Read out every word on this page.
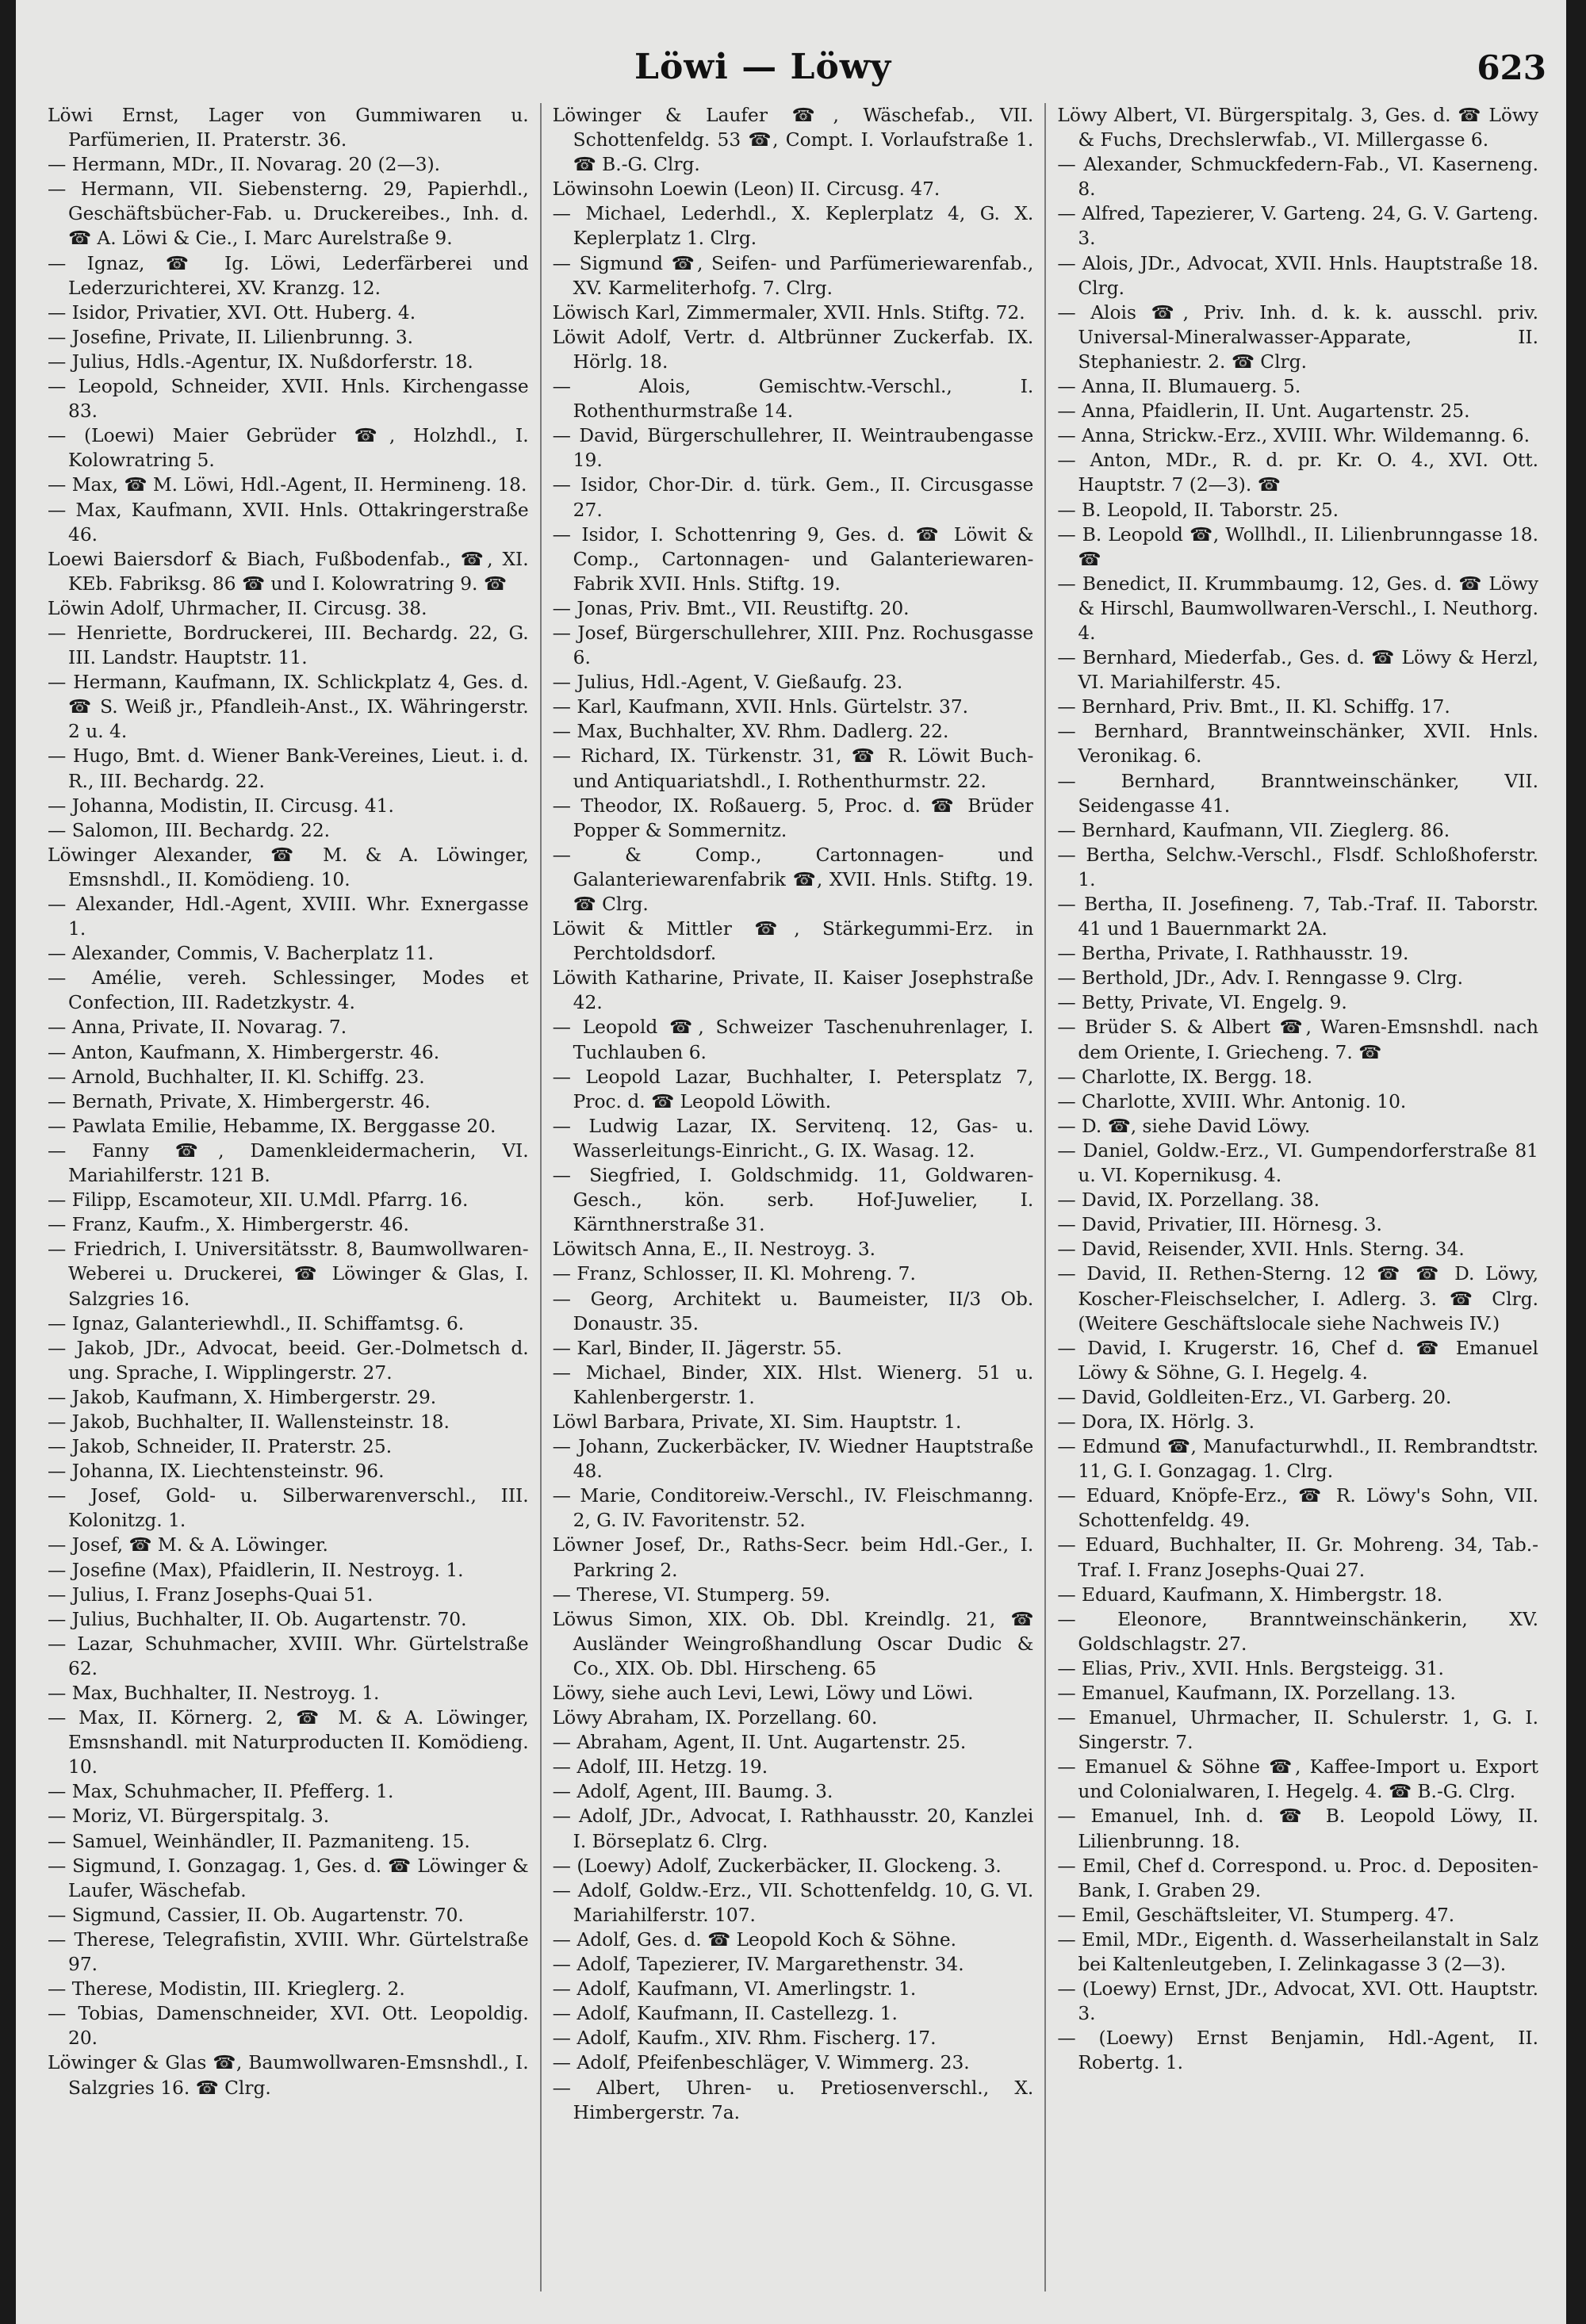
Löwi — Löwy	623

Löwi Ernst, Lager von Gummiwaren u. Parfümerien, II. Praterstr. 36.

— Hermann, MDr., II. Novarag. 20 (2—3).

— Hermann, VII. Siebensterng. 29, Papierhdl., Geschäftsbücher-Fab. u. Druckereibes., Inh. d. ☎ A. Löwi & Cie., I. Marc Aurelstraße 9.

— Ignaz, ☎ Ig. Löwi, Lederfärberei und Lederzurichterei, XV. Kranzg. 12.

— Isidor, Privatier, XVI. Ott. Huberg. 4.

— Josefine, Private, II. Lilienbrunng. 3.

— Julius, Hdls.-Agentur, IX. Nußdorferstr. 18.

— Leopold, Schneider, XVII. Hnls. Kirchengasse 83.

— (Loewi) Maier Gebrüder ☎, Holzhdl., I. Kolowratring 5.

— Max, ☎ M. Löwi, Hdl.-Agent, II. Hermineng. 18.

— Max, Kaufmann, XVII. Hnls. Ottakringerstraße 46.

Loewi Baiersdorf & Biach, Fußbodenfab., ☎, XI. KEb. Fabriksg. 86 ☎ und I. Kolowratring 9. ☎

Löwin Adolf, Uhrmacher, II. Circusg. 38.

— Henriette, Bordruckerei, III. Bechardg. 22, G. III. Landstr. Hauptstr. 11.

— Hermann, Kaufmann, IX. Schlickplatz 4, Ges. d. ☎ S. Weiß jr., Pfandleih-Anst., IX. Währingerstr. 2 u. 4.

— Hugo, Bmt. d. Wiener Bank-Vereines, Lieut. i. d. R., III. Bechardg. 22.

— Johanna, Modistin, II. Circusg. 41.

— Salomon, III. Bechardg. 22.

Löwinger Alexander, ☎ M. & A. Löwinger, Emsnshdl., II. Komödieng. 10.

— Alexander, Hdl.-Agent, XVIII. Whr. Exnergasse 1.

— Alexander, Commis, V. Bacherplatz 11.

— Amélie, vereh. Schlessinger, Modes et Confection, III. Radetzkystr. 4.

— Anna, Private, II. Novarag. 7.

— Anton, Kaufmann, X. Himbergerstr. 46.

— Arnold, Buchhalter, II. Kl. Schiffg. 23.

— Bernath, Private, X. Himbergerstr. 46.

— Pawlata Emilie, Hebamme, IX. Berggasse 20.

— Fanny ☎, Damenkleidermacherin, VI. Mariahilferstr. 121 B.

— Filipp, Escamoteur, XII. U.Mdl. Pfarrg. 16.

— Franz, Kaufm., X. Himbergerstr. 46.

— Friedrich, I. Universitätsstr. 8, Baumwollwaren-Weberei u. Druckerei, ☎ Löwinger & Glas, I. Salzgries 16.

— Ignaz, Galanteriewhdl., II. Schiffamtsg. 6.

— Jakob, JDr., Advocat, beeid. Ger.-Dolmetsch d. ung. Sprache, I. Wipplingerstr. 27.

— Jakob, Kaufmann, X. Himbergerstr. 29.

— Jakob, Buchhalter, II. Wallensteinstr. 18.

— Jakob, Schneider, II. Praterstr. 25.

— Johanna, IX. Liechtensteinstr. 96.

— Josef, Gold- u. Silberwarenverschl., III. Kolonitzg. 1.

— Josef, ☎ M. & A. Löwinger.

— Josefine (Max), Pfaidlerin, II. Nestroyg. 1.

— Julius, I. Franz Josephs-Quai 51.

— Julius, Buchhalter, II. Ob. Augartenstr. 70.

— Lazar, Schuhmacher, XVIII. Whr. Gürtelstraße 62.

— Max, Buchhalter, II. Nestroyg. 1.

— Max, II. Körnerg. 2, ☎ M. & A. Löwinger, Emsnshandl. mit Naturproducten II. Komödieng. 10.

— Max, Schuhmacher, II. Pfefferg. 1.

— Moriz, VI. Bürgerspitalg. 3.

— Samuel, Weinhändler, II. Pazmaniteng. 15.

— Sigmund, I. Gonzagag. 1, Ges. d. ☎ Löwinger & Laufer, Wäschefab.

— Sigmund, Cassier, II. Ob. Augartenstr. 70.

— Therese, Telegrafistin, XVIII. Whr. Gürtelstraße 97.

— Therese, Modistin, III. Krieglerg. 2.

— Tobias, Damenschneider, XVI. Ott. Leopoldig. 20.

Löwinger & Glas ☎, Baumwollwaren-Emsnshdl., I. Salzgries 16. ☎ Clrg.

Löwinger & Laufer ☎, Wäschefab., VII. Schottenfeldg. 53 ☎, Compt. I. Vorlaufstraße 1. ☎ B.-G. Clrg.

Löwinsohn Loewin (Leon) II. Circusg. 47.

— Michael, Lederhdl., X. Keplerplatz 4, G. X. Keplerplatz 1. Clrg.

— Sigmund ☎, Seifen- und Parfümeriewarenfab., XV. Karmeliterhofg. 7. Clrg.

Löwisch Karl, Zimmermaler, XVII. Hnls. Stiftg. 72.

Löwit Adolf, Vertr. d. Altbrünner Zuckerfab. IX. Hörlg. 18.

— Alois, Gemischtw.-Verschl., I. Rothenthurmstraße 14.

— David, Bürgerschullehrer, II. Weintraubengasse 19.

— Isidor, Chor-Dir. d. türk. Gem., II. Circusgasse 27.

— Isidor, I. Schottenring 9, Ges. d. ☎ Löwit & Comp., Cartonnagen- und Galanteriewaren-Fabrik XVII. Hnls. Stiftg. 19.

— Jonas, Priv. Bmt., VII. Reustiftg. 20.

— Josef, Bürgerschullehrer, XIII. Pnz. Rochusgasse 6.

— Julius, Hdl.-Agent, V. Gießaufg. 23.

— Karl, Kaufmann, XVII. Hnls. Gürtelstr. 37.

— Max, Buchhalter, XV. Rhm. Dadlerg. 22.

— Richard, IX. Türkenstr. 31, ☎ R. Löwit Buch- und Antiquariatshdl., I. Rothenthurmstr. 22.

— Theodor, IX. Roßauerg. 5, Proc. d. ☎ Brüder Popper & Sommernitz.

— & Comp., Cartonnagen- und Galanteriewarenfabrik ☎, XVII. Hnls. Stiftg. 19. ☎ Clrg.

Löwit & Mittler ☎, Stärkegummi-Erz. in Perchtoldsdorf.

Löwith Katharine, Private, II. Kaiser Josephstraße 42.

— Leopold ☎, Schweizer Taschenuhrenlager, I. Tuchlauben 6.

— Leopold Lazar, Buchhalter, I. Petersplatz 7, Proc. d. ☎ Leopold Löwith.

— Ludwig Lazar, IX. Servitenq. 12, Gas- u. Wasserleitungs-Einricht., G. IX. Wasag. 12.

— Siegfried, I. Goldschmidg. 11, Goldwaren-Gesch., kön. serb. Hof-Juwelier, I. Kärnthnerstraße 31.

Löwitsch Anna, E., II. Nestroyg. 3.

— Franz, Schlosser, II. Kl. Mohreng. 7.

— Georg, Architekt u. Baumeister, II/3 Ob. Donaustr. 35.

— Karl, Binder, II. Jägerstr. 55.

— Michael, Binder, XIX. Hlst. Wienerg. 51 u. Kahlenbergerstr. 1.

Löwl Barbara, Private, XI. Sim. Hauptstr. 1.

— Johann, Zuckerbäcker, IV. Wiedner Hauptstraße 48.

— Marie, Conditoreiw.-Verschl., IV. Fleischmanng. 2, G. IV. Favoritenstr. 52.

Löwner Josef, Dr., Raths-Secr. beim Hdl.-Ger., I. Parkring 2.

— Therese, VI. Stumperg. 59.

Löwus Simon, XIX. Ob. Dbl. Kreindlg. 21, ☎ Ausländer Weingroßhandlung Oscar Dudic & Co., XIX. Ob. Dbl. Hirscheng. 65

Löwy, siehe auch Levi, Lewi, Löwy und Löwi.

Löwy Abraham, IX. Porzellang. 60.

— Abraham, Agent, II. Unt. Augartenstr. 25.

— Adolf, III. Hetzg. 19.

— Adolf, Agent, III. Baumg. 3.

— Adolf, JDr., Advocat, I. Rathhausstr. 20, Kanzlei I. Börseplatz 6. Clrg.

— (Loewy) Adolf, Zuckerbäcker, II. Glockeng. 3.

— Adolf, Goldw.-Erz., VII. Schottenfeldg. 10, G. VI. Mariahilferstr. 107.

— Adolf, Ges. d. ☎ Leopold Koch & Söhne.

— Adolf, Tapezierer, IV. Margarethenstr. 34.

— Adolf, Kaufmann, VI. Amerlingstr. 1.

— Adolf, Kaufmann, II. Castellezg. 1.

— Adolf, Kaufm., XIV. Rhm. Fischerg. 17.

— Adolf, Pfeifenbeschläger, V. Wimmerg. 23.

— Albert, Uhren- u. Pretiosenverschl., X. Himbergerstr. 7a.

Löwy Albert, VI. Bürgerspitalg. 3, Ges. d. ☎ Löwy & Fuchs, Drechslerwfab., VI. Millergasse 6.

— Alexander, Schmuckfedern-Fab., VI. Kaserneng. 8.

— Alfred, Tapezierer, V. Garteng. 24, G. V. Garteng. 3.

— Alois, JDr., Advocat, XVII. Hnls. Hauptstraße 18. Clrg.

— Alois ☎, Priv. Inh. d. k. k. ausschl. priv. Universal-Mineralwasser-Apparate, II. Stephaniestr. 2. ☎ Clrg.

— Anna, II. Blumauerg. 5.

— Anna, Pfaidlerin, II. Unt. Augartenstr. 25.

— Anna, Strickw.-Erz., XVIII. Whr. Wildemanng. 6.

— Anton, MDr., R. d. pr. Kr. O. 4., XVI. Ott. Hauptstr. 7 (2—3). ☎

— B. Leopold, II. Taborstr. 25.

— B. Leopold ☎, Wollhdl., II. Lilienbrunngasse 18. ☎

— Benedict, II. Krummbaumg. 12, Ges. d. ☎ Löwy & Hirschl, Baumwollwaren-Verschl., I. Neuthorg. 4.

— Bernhard, Miederfab., Ges. d. ☎ Löwy & Herzl, VI. Mariahilferstr. 45.

— Bernhard, Priv. Bmt., II. Kl. Schiffg. 17.

— Bernhard, Branntweinschänker, XVII. Hnls. Veronikag. 6.

— Bernhard, Branntweinschänker, VII. Seidengasse 41.

— Bernhard, Kaufmann, VII. Zieglerg. 86.

— Bertha, Selchw.-Verschl., Flsdf. Schloßhoferstr. 1.

— Bertha, II. Josefineng. 7, Tab.-Traf. II. Taborstr. 41 und 1 Bauernmarkt 2A.

— Bertha, Private, I. Rathhausstr. 19.

— Berthold, JDr., Adv. I. Renngasse 9. Clrg.

— Betty, Private, VI. Engelg. 9.

— Brüder S. & Albert ☎, Waren-Emsnshdl. nach dem Oriente, I. Griecheng. 7. ☎

— Charlotte, IX. Bergg. 18.

— Charlotte, XVIII. Whr. Antonig. 10.

— D. ☎, siehe David Löwy.

— Daniel, Goldw.-Erz., VI. Gumpendorferstraße 81 u. VI. Kopernikusg. 4.

— David, IX. Porzellang. 38.

— David, Privatier, III. Hörnesg. 3.

— David, Reisender, XVII. Hnls. Sterng. 34.

— David, II. Rethen-Sterng. 12 ☎ ☎ D. Löwy, Koscher-Fleischselcher, I. Adlerg. 3. ☎ Clrg. (Weitere Geschäftslocale siehe Nachweis IV.)

— David, I. Krugerstr. 16, Chef d. ☎ Emanuel Löwy & Söhne, G. I. Hegelg. 4.

— David, Goldleiten-Erz., VI. Garberg. 20.

— Dora, IX. Hörlg. 3.

— Edmund ☎, Manufacturwhdl., II. Rembrandtstr. 11, G. I. Gonzagag. 1. Clrg.

— Eduard, Knöpfe-Erz., ☎ R. Löwy's Sohn, VII. Schottenfeldg. 49.

— Eduard, Buchhalter, II. Gr. Mohreng. 34, Tab.-Traf. I. Franz Josephs-Quai 27.

— Eduard, Kaufmann, X. Himbergstr. 18.

— Eleonore, Branntweinschänkerin, XV. Goldschlagstr. 27.

— Elias, Priv., XVII. Hnls. Bergsteigg. 31.

— Emanuel, Kaufmann, IX. Porzellang. 13.

— Emanuel, Uhrmacher, II. Schulerstr. 1, G. I. Singerstr. 7.

— Emanuel & Söhne ☎, Kaffee-Import u. Export und Colonialwaren, I. Hegelg. 4. ☎ B.-G. Clrg.

— Emanuel, Inh. d. ☎ B. Leopold Löwy, II. Lilienbrunng. 18.

— Emil, Chef d. Correspond. u. Proc. d. Depositen-Bank, I. Graben 29.

— Emil, Geschäftsleiter, VI. Stumperg. 47.

— Emil, MDr., Eigenth. d. Wasserheilanstalt in Salz bei Kaltenleutgeben, I. Zelinkagasse 3 (2—3).

— (Loewy) Ernst, JDr., Advocat, XVI. Ott. Hauptstr. 3.

— (Loewy) Ernst Benjamin, Hdl.-Agent, II. Robertg. 1.
